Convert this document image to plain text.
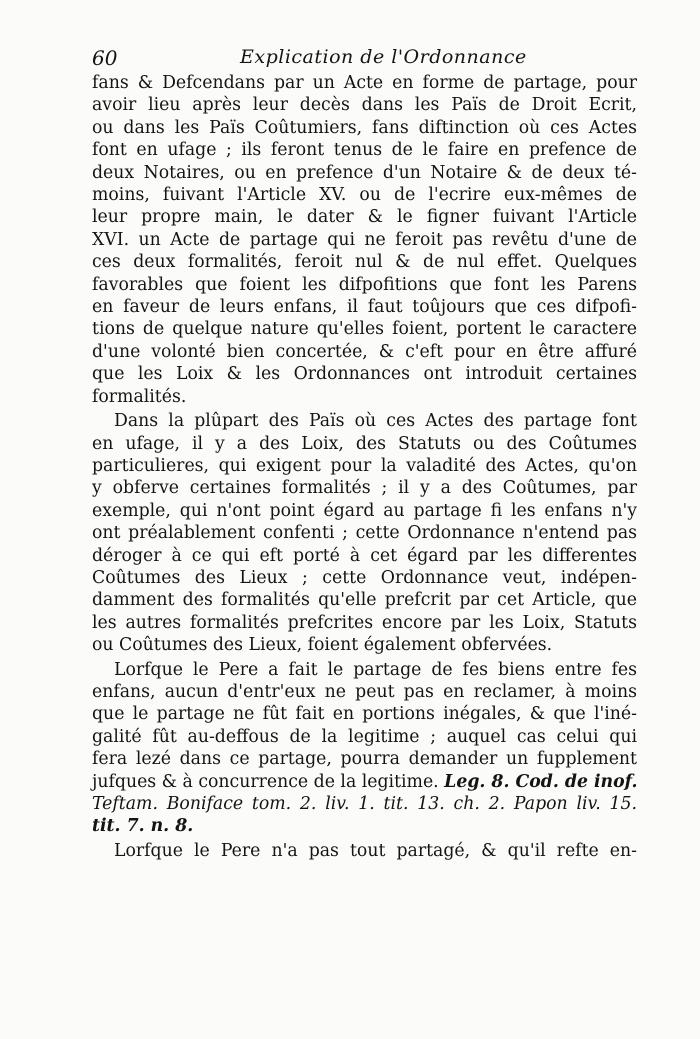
60	Explication de l'Ordonnance
fans & Defcendans par un Acte en forme de partage, pour
avoir lieu après leur decès dans les Païs de Droit Ecrit,
ou dans les Païs Coûtumiers, fans diftinction où ces Actes
font en ufage ; ils feront tenus de le faire en prefence de
deux Notaires, ou en prefence d'un Notaire & de deux té-
moins, fuivant l'Article XV. ou de l'ecrire eux-mêmes de
leur propre main, le dater & le figner fuivant l'Article
XVI. un Acte de partage qui ne feroit pas revêtu d'une de
ces deux formalités, feroit nul & de nul effet. Quelques
favorables que foient les difpofitions que font les Parens
en faveur de leurs enfans, il faut toûjours que ces difpofi-
tions de quelque nature qu'elles foient, portent le caractere
d'une volonté bien concertée, & c'eft pour en être affuré
que les Loix & les Ordonnances ont introduit certaines
formalités.
Dans la plûpart des Païs où ces Actes des partage font
en ufage, il y a des Loix, des Statuts ou des Coûtumes
particulieres, qui exigent pour la valadité des Actes, qu'on
y obferve certaines formalités ; il y a des Coûtumes, par
exemple, qui n'ont point égard au partage fi les enfans n'y
ont préalablement confenti ; cette Ordonnance n'entend pas
déroger à ce qui eft porté à cet égard par les differentes
Coûtumes des Lieux ; cette Ordonnance veut, indépen-
damment des formalités qu'elle prefcrit par cet Article, que
les autres formalités prefcrites encore par les Loix, Statuts
ou Coûtumes des Lieux, foient également obfervées.
Lorfque le Pere a fait le partage de fes biens entre fes
enfans, aucun d'entr'eux ne peut pas en reclamer, à moins
que le partage ne fût fait en portions inégales, & que l'iné-
galité fût au-deffous de la legitime ; auquel cas celui qui
fera lezé dans ce partage, pourra demander un fupplement
jufques & à concurrence de la legitime. Leg. 8. Cod. de inof.
Teftam. Boniface tom. 2. liv. 1. tit. 13. ch. 2. Papon liv. 15.
tit. 7. n. 8.
Lorfque le Pere n'a pas tout partagé, & qu'il refte en-
